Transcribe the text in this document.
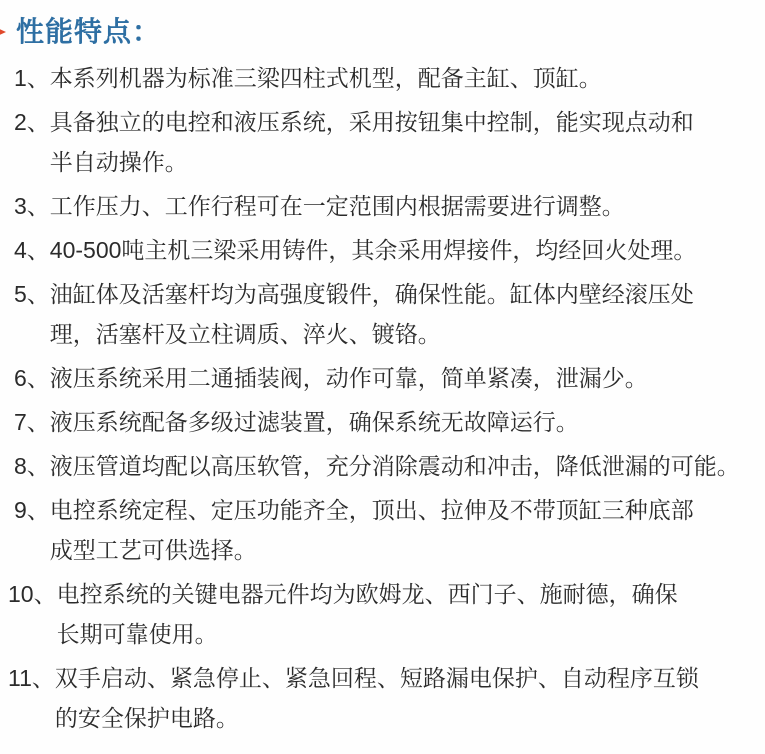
性能特点：
1、 本系列机器为标准三梁四柱式机型，配备主缸、顶缸。
2、 具备独立的电控和液压系统，采用按钮集中控制，能实现点动和
半自动操作。
3、 工作压力、工作行程可在一定范围内根据需要进行调整。
4、 40-500吨主机三梁采用铸件，其余采用焊接件，均经回火处理。
5、 油缸体及活塞杆均为高强度锻件，确保性能。缸体内壁经滚压处
理，活塞杆及立柱调质、淬火、镀铬。
6、 液压系统采用二通插装阀，动作可靠，简单紧凑，泄漏少。
7、 液压系统配备多级过滤装置，确保系统无故障运行。
8、 液压管道均配以高压软管，充分消除震动和冲击，降低泄漏的可能。
9、 电控系统定程、定压功能齐全，顶出、拉伸及不带顶缸三种底部
成型工艺可供选择。
10、 电控系统的关键电器元件均为欧姆龙、西门子、施耐德，确保
长期可靠使用。
11、 双手启动、紧急停止、紧急回程、短路漏电保护、自动程序互锁
的安全保护电路。
